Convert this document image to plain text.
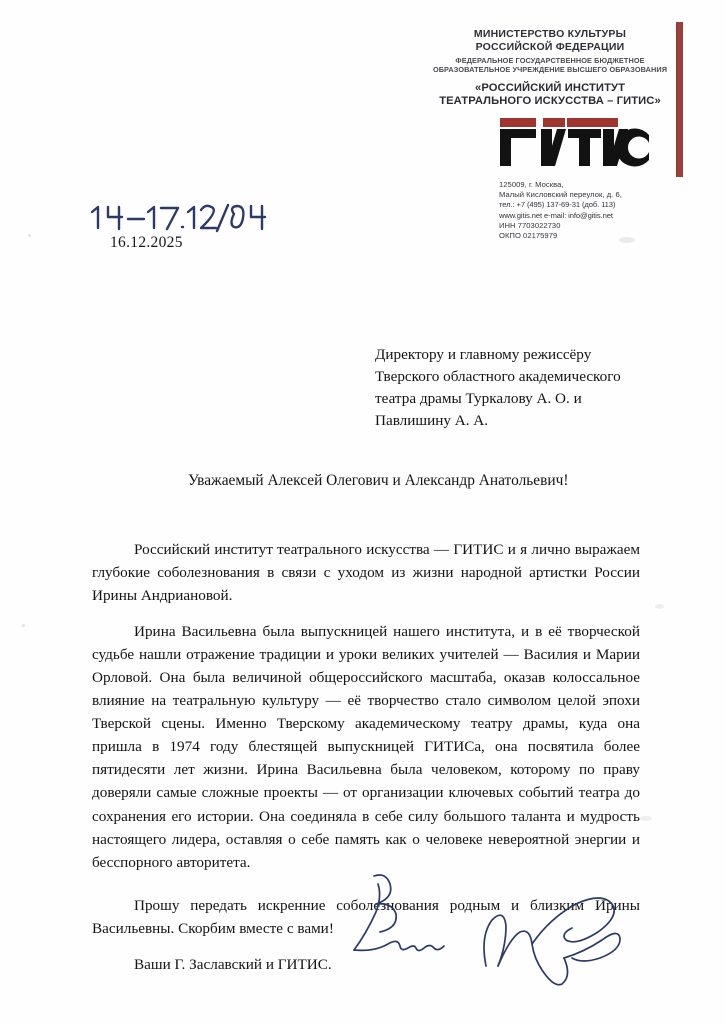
МИНИСТЕРСТВО КУЛЬТУРЫ
РОССИЙСКОЙ ФЕДЕРАЦИИ
ФЕДЕРАЛЬНОЕ ГОСУДАРСТВЕННОЕ БЮДЖЕТНОЕ
ОБРАЗОВАТЕЛЬНОЕ УЧРЕЖДЕНИЕ ВЫСШЕГО ОБРАЗОВАНИЯ
«РОССИЙСКИЙ ИНСТИТУТ
ТЕАТРАЛЬНОГО ИСКУССТВА – ГИТИС»
125009, г. Москва,
Малый Кисловский переулок, д. 6,
тел.: +7 (495) 137-69-31 (доб. 113)
www.gitis.net e-mail: info@gitis.net
ИНН 7703022730
ОКПО 02175979
16.12.2025
Директору и главному режиссёру
Тверского областного академического
театра драмы Туркалову А. О. и
Павлишину А. А.
Уважаемый Алексей Олегович и Александр Анатольевич!

Российский институт театрального искусства — ГИТИС и я лично выражаем глубокие соболезнования в связи с уходом из жизни народной артистки России Ирины Андриановой.

Ирина Васильевна была выпускницей нашего института, и в её творческой судьбе нашли отражение традиции и уроки великих учителей — Василия и Марии Орловой. Она была величиной общероссийского масштаба, оказав колоссальное влияние на театральную культуру — её творчество стало символом целой эпохи Тверской сцены. Именно Тверскому академическому театру драмы, куда она пришла в 1974 году блестящей выпускницей ГИТИСа, она посвятила более пятидесяти лет жизни. Ирина Васильевна была человеком, которому по праву доверяли самые сложные проекты — от организации ключевых событий театра до сохранения его истории. Она соединяла в себе силу большого таланта и мудрость настоящего лидера, оставляя о себе память как о человеке невероятной энергии и бесспорного авторитета.

Прошу передать искренние соболезнования родным и близким Ирины Васильевны. Скорбим вместе с вами!

Ваши Г. Заславский и ГИТИС.
